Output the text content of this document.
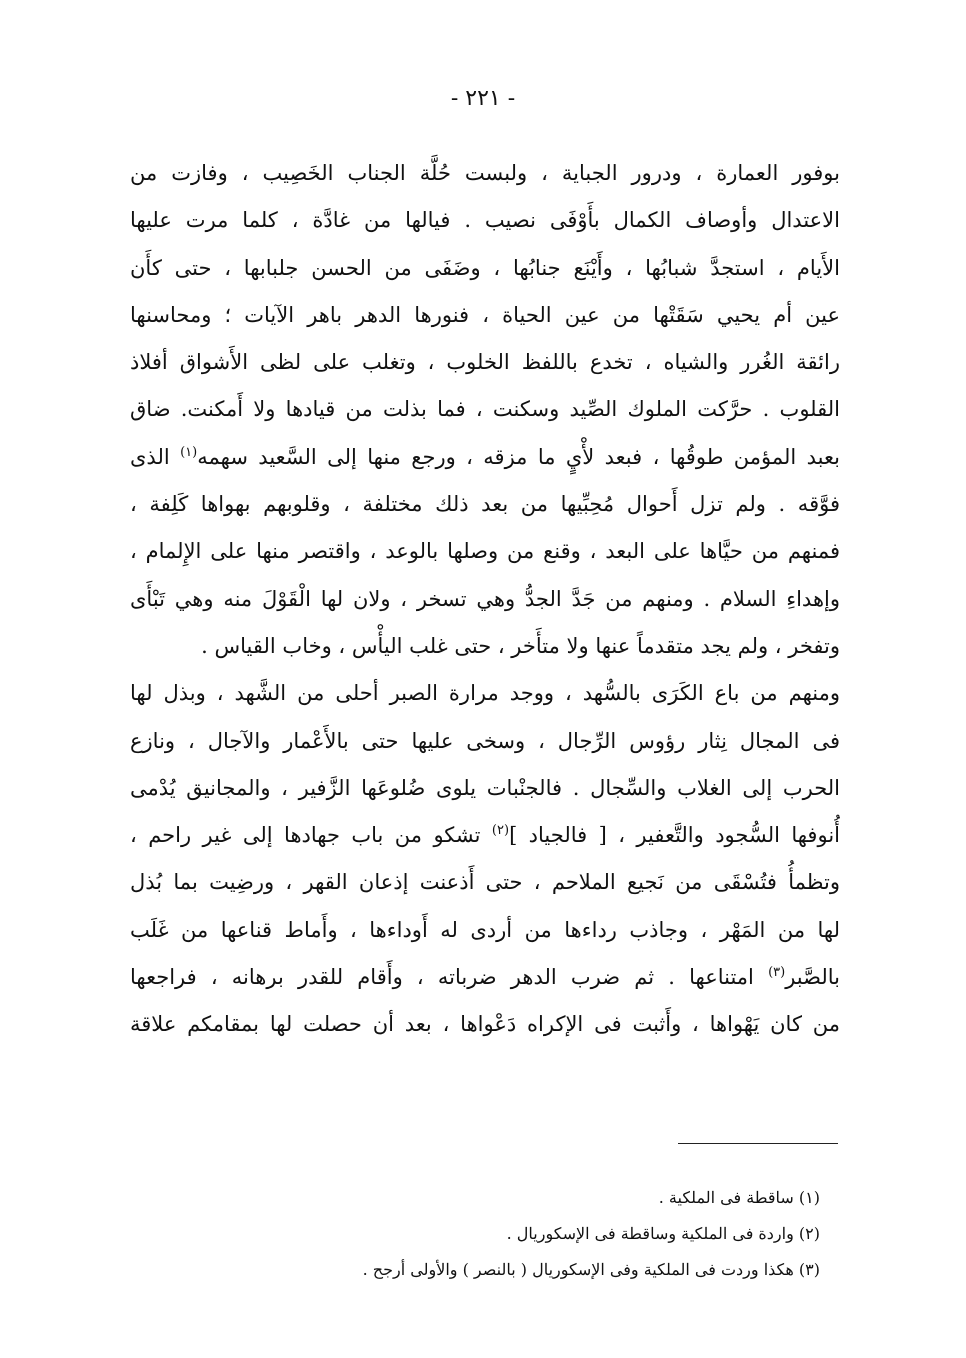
- ٢٢١ -
بوفور العمارة ، ودرور الجباية ، ولبست حُلَّة الجناب الخَصِيب ، وفازت من
الاعتدال وأوصاف الكمال بأَوْفَى نصيب . فيالها من غادَّة ، كلما مرت عليها
الأَيام ، استجدَّ شبابُها ، وأَيْنَع جنابُها ، وضَفَى من الحسن جلبابها ، حتى كأَن
عين أم يحيي سَقَتْها من عين الحياة ، فنورها الدهر باهر الآيات ؛ ومحاسنها
رائقة الغُرر والشياه ، تخدع باللفظ الخلوب ، وتغلب على لظى الأَشواق أفلاذ
القلوب . حرَّكت الملوك الصِّيد وسكنت ، فما بذلت من قيادها ولا أَمكنت. ضاق
بعبد المؤمن طوقُها ، فبعد لأْيٍ ما مزقه ، ورجع منها إلى السَّعيد سهمه$^{(١)}$ الذى
فوَّقه . ولم تزل أَحوال مُحِبِّيها من بعد ذلك مختلفة ، وقلوبهم بهواها كَلِفة ،
فمنهم من حيَّاها على البعد ، وقنع من وصلها بالوعد ، واقتصر منها على الإِلمام ،
وإهداءِ السلام . ومنهم من جَدَّ الجدُّ وهي تسخر ، ولان لها الْقَوْلَ منه وهي تَبْأَى
وتفخر ، ولم يجد متقدماً عنها ولا متأَخر ، حتى غلب اليأْس ، وخاب القياس .
ومنهم من باع الكَرَى بالسُّهد ، ووجد مرارة الصبر أحلى من الشَّهد ، وبذل لها
فى المجال نِثار رؤوس الرِّجال ، وسخى عليها حتى بالأَعْمار والآجال ، ونازع
الحرب إلى الغلاب والسِّجال . فالجنْبات يلوى ضُلوعَها الزَّفير ، والمجانيق يُدْمى
أُنوفها السُّجود والتَّعفير ، [ فالجياد ]$^{(٢)}$ تشكو من باب جهادها إلى غير راحم ،
وتظمأُ فتُسْقَى من نَجيع الملاحم ، حتى أَذعنت إذعان القهر ، ورضِيت بما بُذل
لها من المَهْر ، وجاذب رداءها من أردى له أَوداءها ، وأَماط قناعها من غَلَب
بالصَّبر$^{(٣)}$ امتناعها . ثم ضرب الدهر ضرباته ، وأَقام للقدر برهانه ، فراجعها
من كان يَهْواها ، وأَثبت فى الإكراه دَعْواها ، بعد أن حصلت لها بمقامكم علاقة
(١) ساقطة فى الملكية .
(٢) واردة فى الملكية وساقطة فى الإسكوريال .
(٣) هكذا وردت فى الملكية وفى الإسكوريال ( بالنصر ) والأولى أرجح .
